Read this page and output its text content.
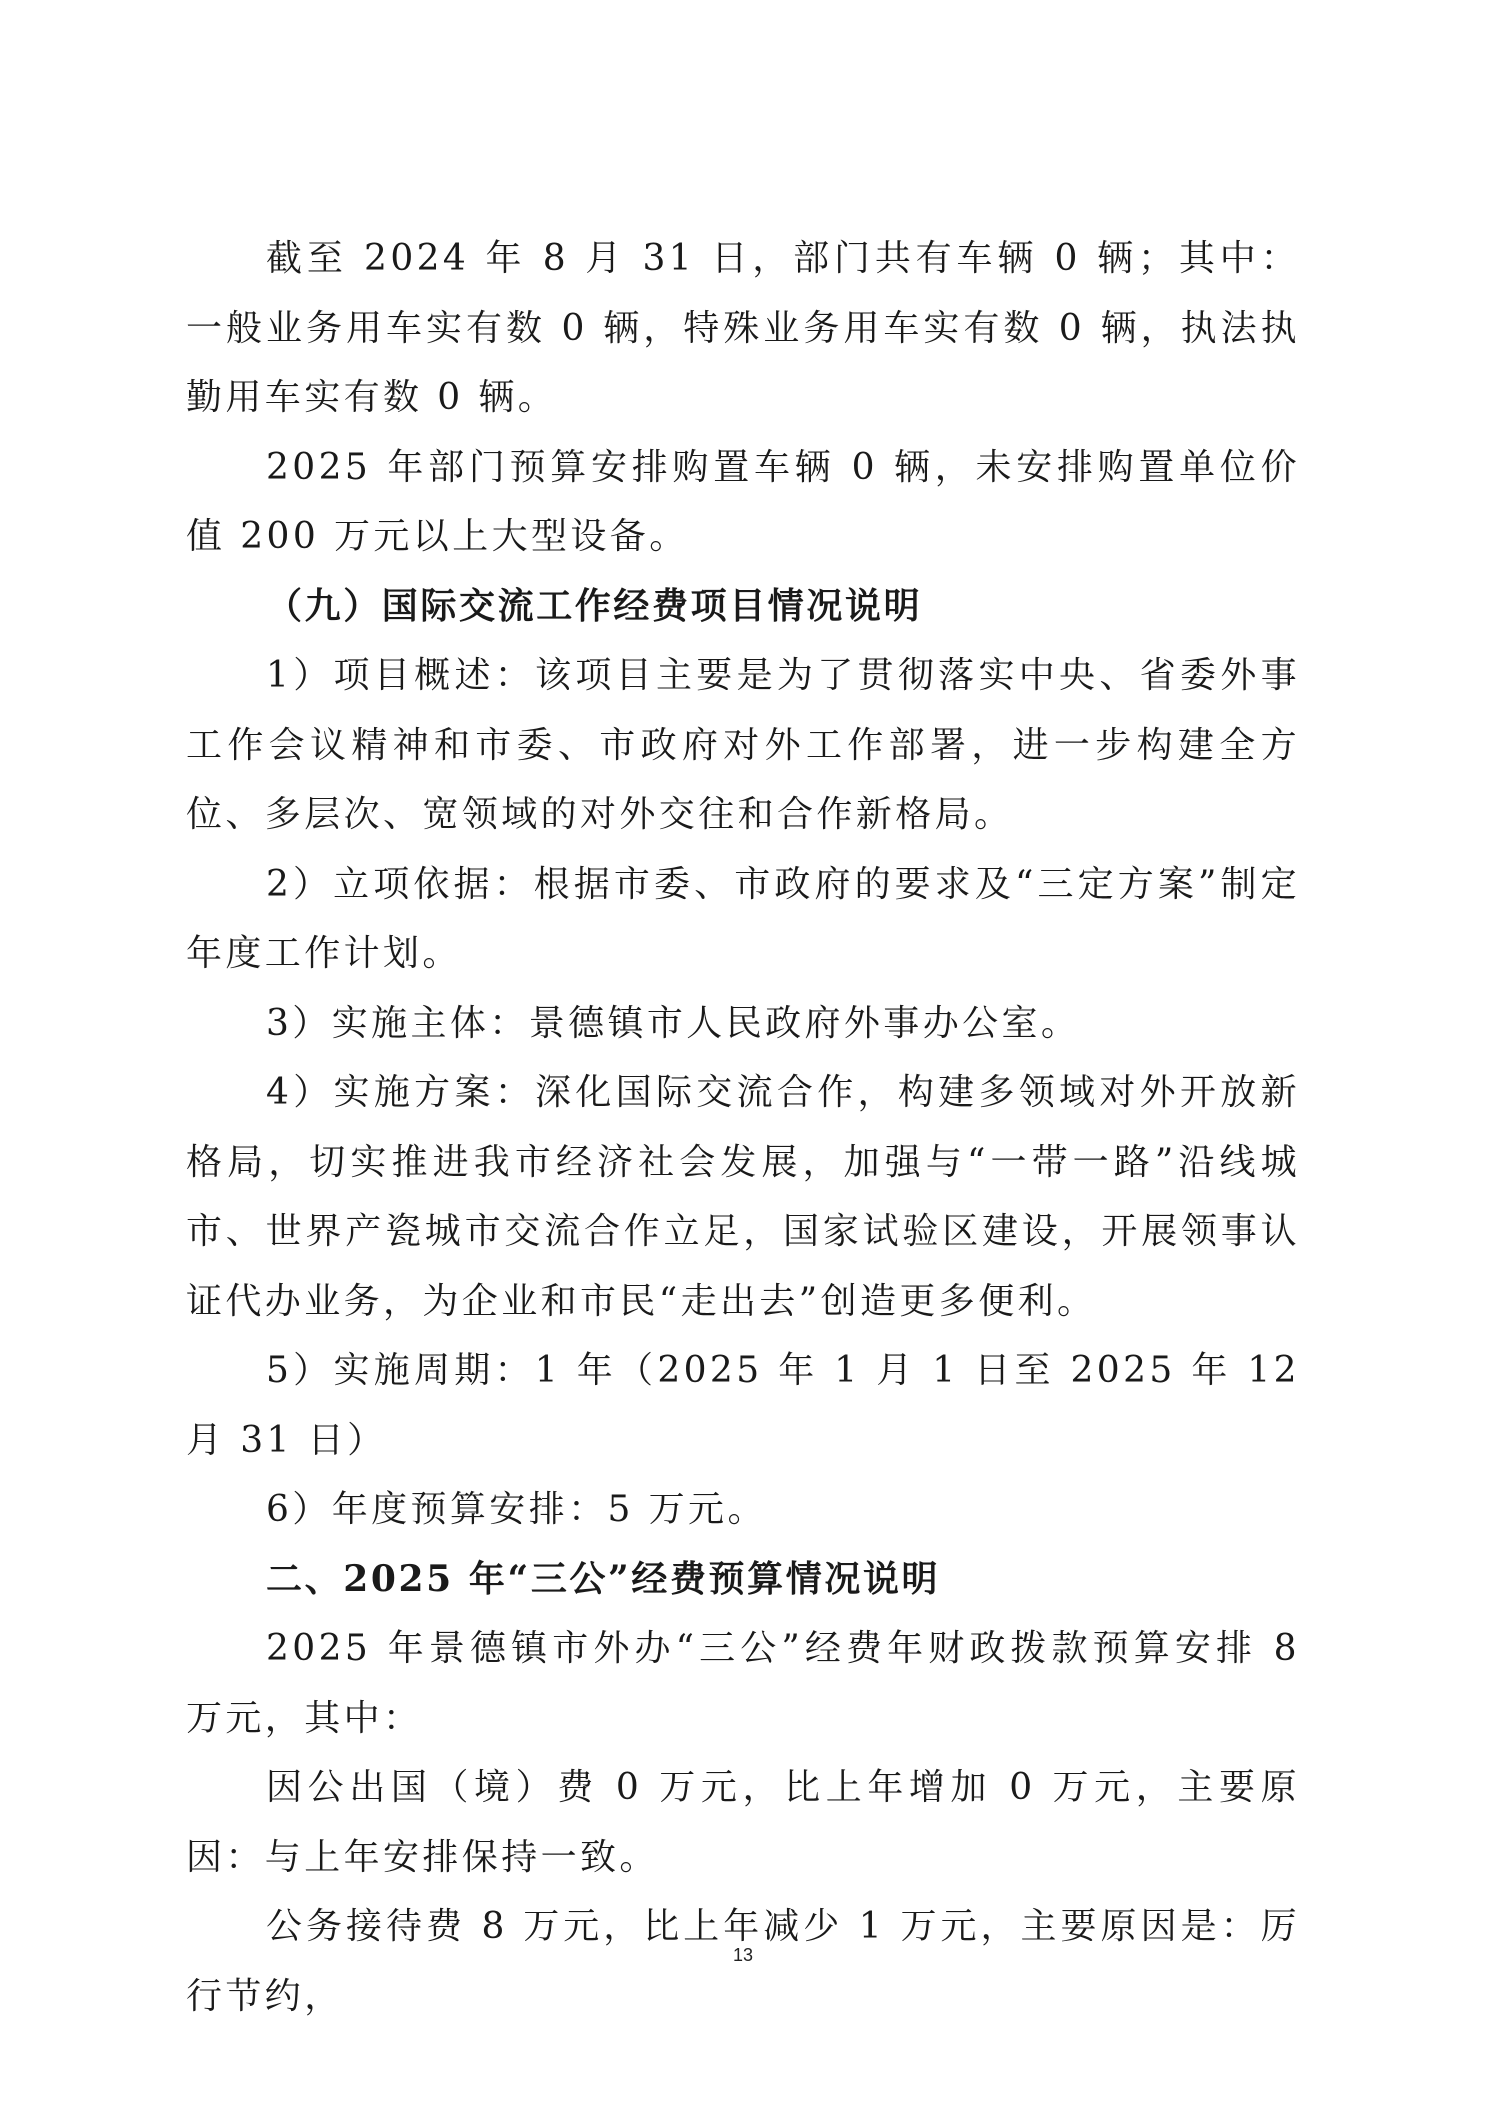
截至 2024 年 8 月 31 日，部门共有车辆 0 辆；其中：一般业务用车实有数 0 辆，特殊业务用车实有数 0 辆，执法执勤用车实有数 0 辆。

2025 年部门预算安排购置车辆 0 辆，未安排购置单位价值 200 万元以上大型设备。

（九）国际交流工作经费项目情况说明

1）项目概述：该项目主要是为了贯彻落实中央、省委外事工作会议精神和市委、市政府对外工作部署，进一步构建全方位、多层次、宽领域的对外交往和合作新格局。

2）立项依据：根据市委、市政府的要求及“三定方案”制定年度工作计划。

3）实施主体：景德镇市人民政府外事办公室。

4）实施方案：深化国际交流合作，构建多领域对外开放新格局，切实推进我市经济社会发展，加强与“一带一路”沿线城市、世界产瓷城市交流合作立足，国家试验区建设，开展领事认证代办业务，为企业和市民“走出去”创造更多便利。

5）实施周期：1 年（2025 年 1 月 1 日至 2025 年 12 月 31 日）

6）年度预算安排：5 万元。

二、2025 年“三公”经费预算情况说明

2025 年景德镇市外办“三公”经费年财政拨款预算安排 8 万元，其中：

因公出国（境）费 0 万元，比上年增加 0 万元，主要原因：与上年安排保持一致。

公务接待费 8 万元，比上年减少 1 万元，主要原因是：厉行节约，

13
